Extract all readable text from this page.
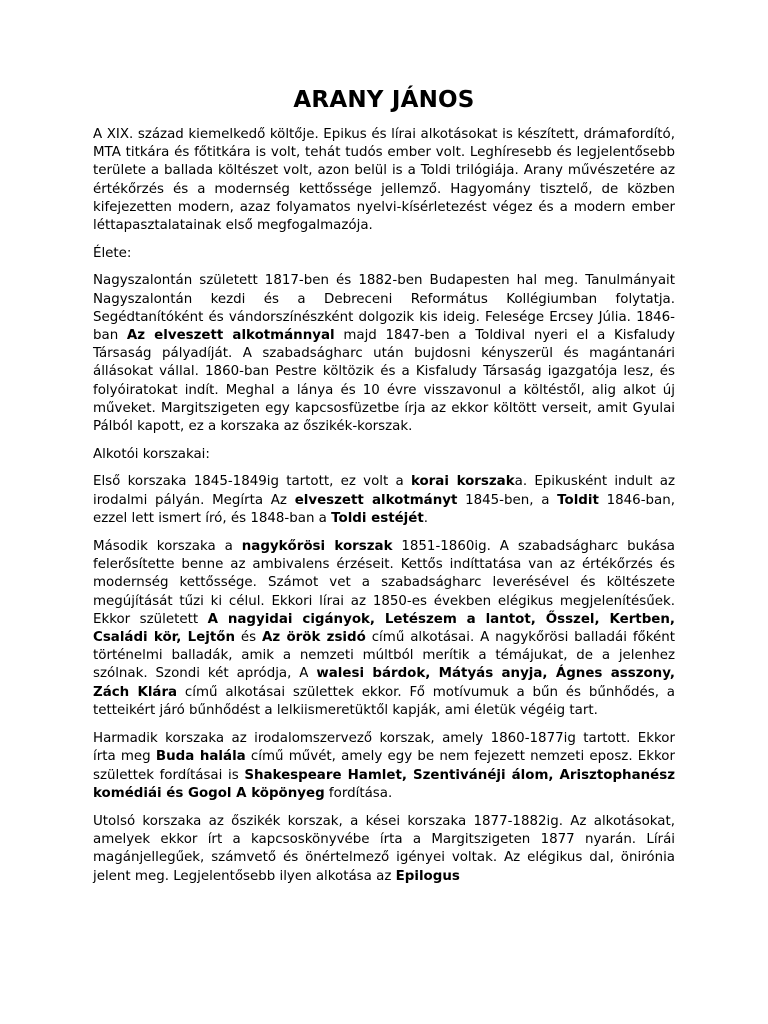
ARANY JÁNOS

A XIX. század kiemelkedő költője. Epikus és lírai alkotásokat is készített, drámafordító, MTA titkára és főtitkára is volt, tehát tudós ember volt. Leghíresebb és legjelentősebb területe a ballada költészet volt, azon belül is a Toldi trilógiája. Arany művészetére az értékőrzés és a modernség kettőssége jellemző. Hagyomány tisztelő, de közben kifejezetten modern, azaz folyamatos nyelvi-kísérletezést végez és a modern ember léttapasztalatainak első megfogalmazója.

Élete:

Nagyszalontán született 1817-ben és 1882-ben Budapesten hal meg. Tanulmányait Nagyszalontán kezdi és a Debreceni Református Kollégiumban folytatja. Segédtanítóként és vándorszínészként dolgozik kis ideig. Felesége Ercsey Júlia. 1846-ban Az elveszett alkotmánnyal majd 1847-ben a Toldival nyeri el a Kisfaludy Társaság pályadíját. A szabadságharc után bujdosni kényszerül és magántanári állásokat vállal. 1860-ban Pestre költözik és a Kisfaludy Társaság igazgatója lesz, és folyóiratokat indít. Meghal a lánya és 10 évre visszavonul a költéstől, alig alkot új műveket. Margitszigeten egy kapcsosfüzetbe írja az ekkor költött verseit, amit Gyulai Pálból kapott, ez a korszaka az őszikék-korszak.

Alkotói korszakai:

Első korszaka 1845-1849ig tartott, ez volt a korai korszaka. Epikusként indult az irodalmi pályán. Megírta Az elveszett alkotmányt 1845-ben, a Toldit 1846-ban, ezzel lett ismert író, és 1848-ban a Toldi estéjét.

Második korszaka a nagykőrösi korszak 1851-1860ig. A szabadságharc bukása felerősítette benne az ambivalens érzéseit. Kettős indíttatása van az értékőrzés és modernség kettőssége. Számot vet a szabadságharc leverésével és költészete megújítását tűzi ki célul. Ekkori lírai az 1850-es években elégikus megjelenítésűek. Ekkor született A nagyidai cigányok, Letészem a lantot, Ősszel, Kertben, Családi kör, Lejtőn és Az örök zsidó című alkotásai. A nagykőrösi balladái főként történelmi balladák, amik a nemzeti múltból merítik a témájukat, de a jelenhez szólnak. Szondi két apródja, A walesi bárdok, Mátyás anyja, Ágnes asszony, Zách Klára című alkotásai születtek ekkor. Fő motívumuk a bűn és bűnhődés, a tetteikért járó bűnhődést a lelkiismeretüktől kapják, ami életük végéig tart.

Harmadik korszaka az irodalomszervező korszak, amely 1860-1877ig tartott. Ekkor írta meg Buda halála című művét, amely egy be nem fejezett nemzeti eposz. Ekkor születtek fordításai is Shakespeare Hamlet, Szentivánéji álom, Arisztophanész komédiái és Gogol A köpönyeg fordítása.

Utolsó korszaka az őszikék korszak, a kései korszaka 1877-1882ig. Az alkotásokat, amelyek ekkor írt a kapcsoskönyvébe írta a Margitszigeten 1877 nyarán. Lírái magánjellegűek, számvető és önértelmező igényei voltak. Az elégikus dal, önirónia jelent meg. Legjelentősebb ilyen alkotása az Epilogus
